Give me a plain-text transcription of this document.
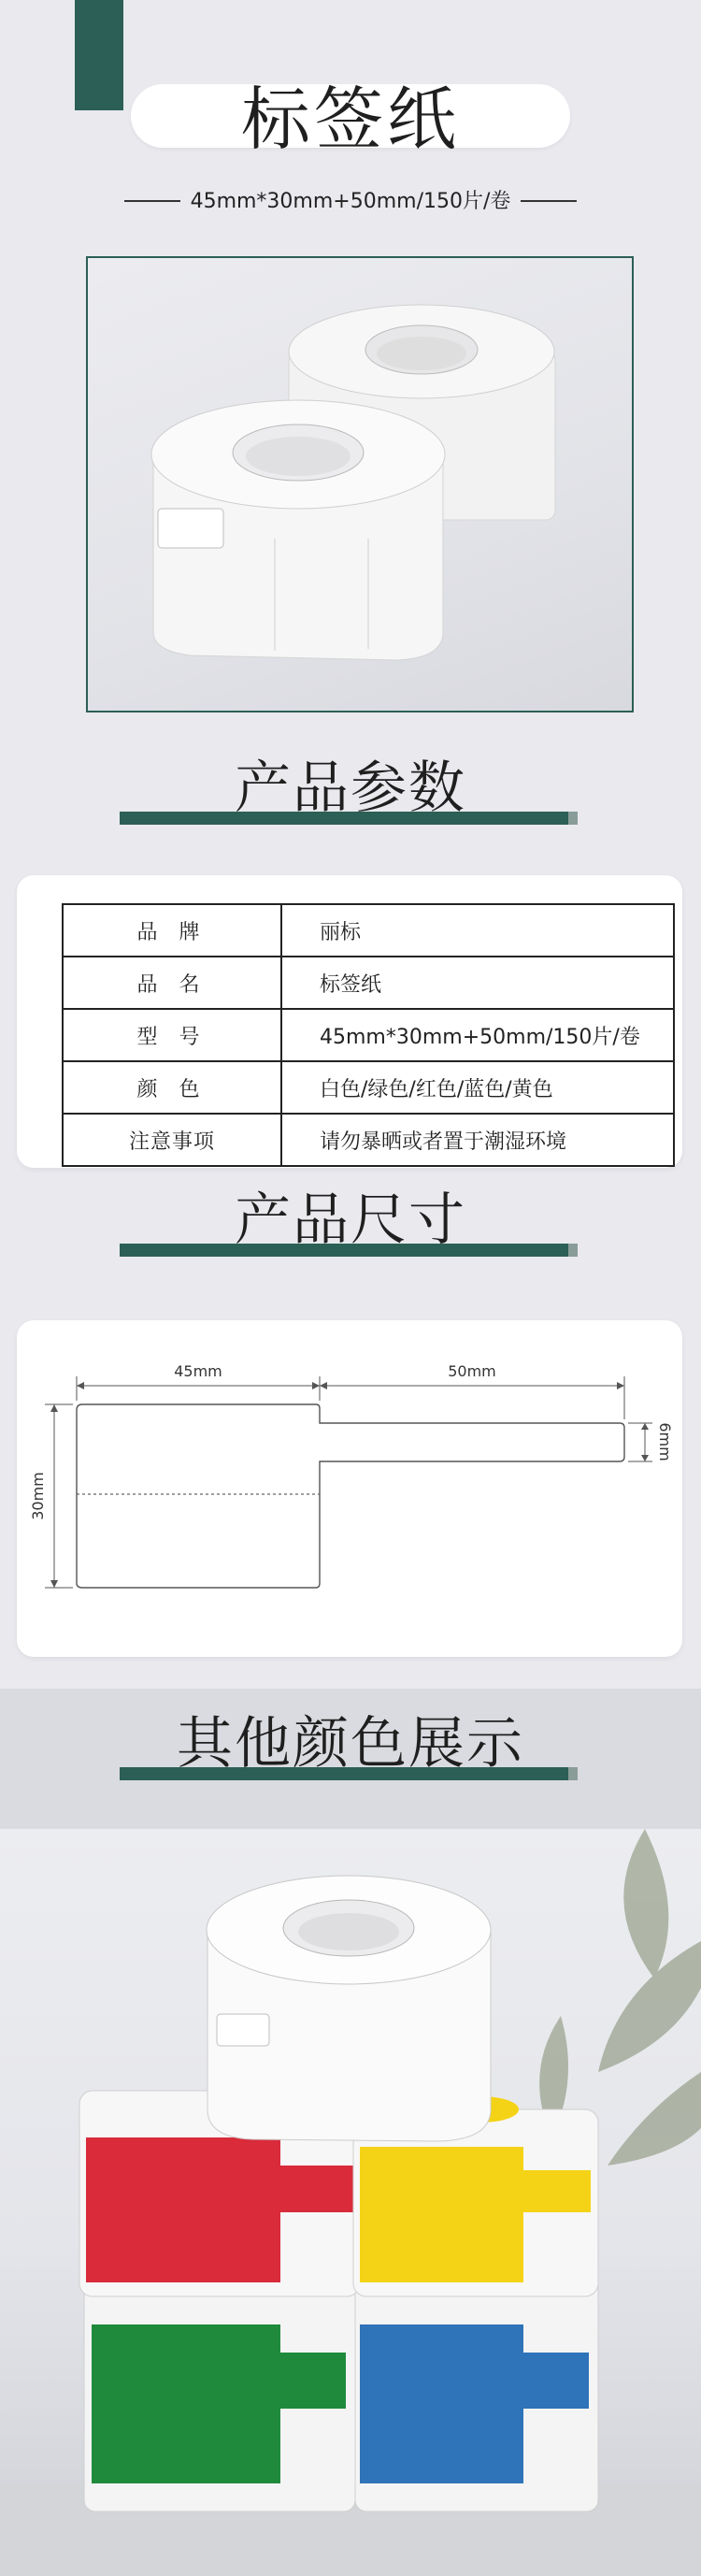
标签纸
45mm*30mm+50mm/150片/卷
产品参数
品 牌	丽标
品 名	标签纸
型 号	45mm*30mm+50mm/150片/卷
颜 色	白色/绿色/红色/蓝色/黄色
注意事项	请勿暴晒或者置于潮湿环境
产品尺寸
45mm	50mm
30mm
6mm
其他颜色展示
